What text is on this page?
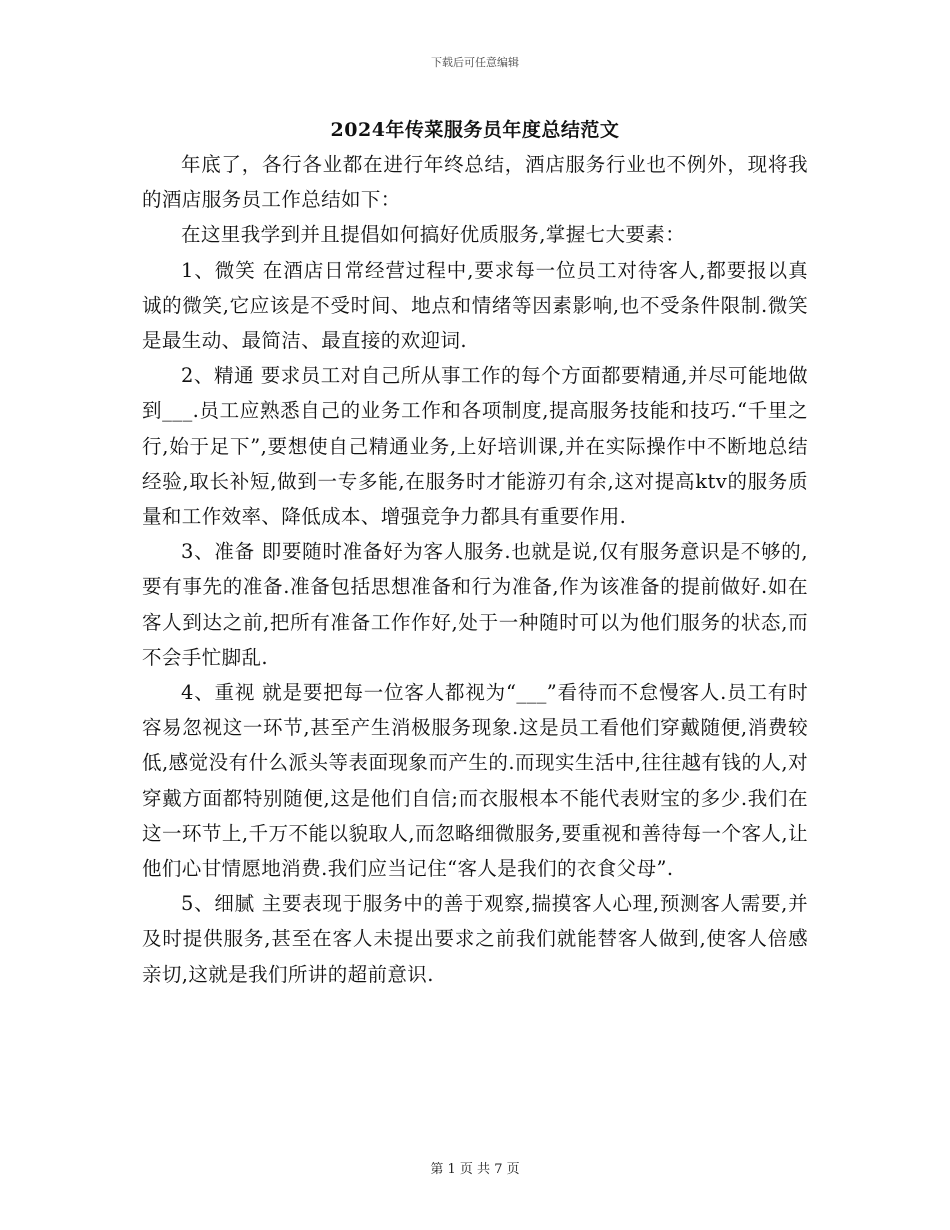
下载后可任意编辑
2024年传菜服务员年度总结范文

年底了，各行各业都在进行年终总结，酒店服务行业也不例外，现将我的酒店服务员工作总结如下：

在这里我学到并且提倡如何搞好优质服务,掌握七大要素：

1、微笑 在酒店日常经营过程中,要求每一位员工对待客人,都要报以真诚的微笑,它应该是不受时间、地点和情绪等因素影响,也不受条件限制.微笑是最生动、最简洁、最直接的欢迎词.

2、精通 要求员工对自己所从事工作的每个方面都要精通,并尽可能地做到___.员工应熟悉自己的业务工作和各项制度,提高服务技能和技巧.“千里之行,始于足下”,要想使自己精通业务,上好培训课,并在实际操作中不断地总结经验,取长补短,做到一专多能,在服务时才能游刃有余,这对提高ktv的服务质量和工作效率、降低成本、增强竞争力都具有重要作用.

3、准备 即要随时准备好为客人服务.也就是说,仅有服务意识是不够的,要有事先的准备.准备包括思想准备和行为准备,作为该准备的提前做好.如在客人到达之前,把所有准备工作作好,处于一种随时可以为他们服务的状态,而不会手忙脚乱.

4、重视 就是要把每一位客人都视为“___”看待而不怠慢客人.员工有时容易忽视这一环节,甚至产生消极服务现象.这是员工看他们穿戴随便,消费较低,感觉没有什么派头等表面现象而产生的.而现实生活中,往往越有钱的人,对穿戴方面都特别随便,这是他们自信;而衣服根本不能代表财宝的多少.我们在这一环节上,千万不能以貌取人,而忽略细微服务,要重视和善待每一个客人,让他们心甘情愿地消费.我们应当记住“客人是我们的衣食父母”.

5、细腻 主要表现于服务中的善于观察,揣摸客人心理,预测客人需要,并及时提供服务,甚至在客人未提出要求之前我们就能替客人做到,使客人倍感亲切,这就是我们所讲的超前意识.

第 1 页 共 7 页
